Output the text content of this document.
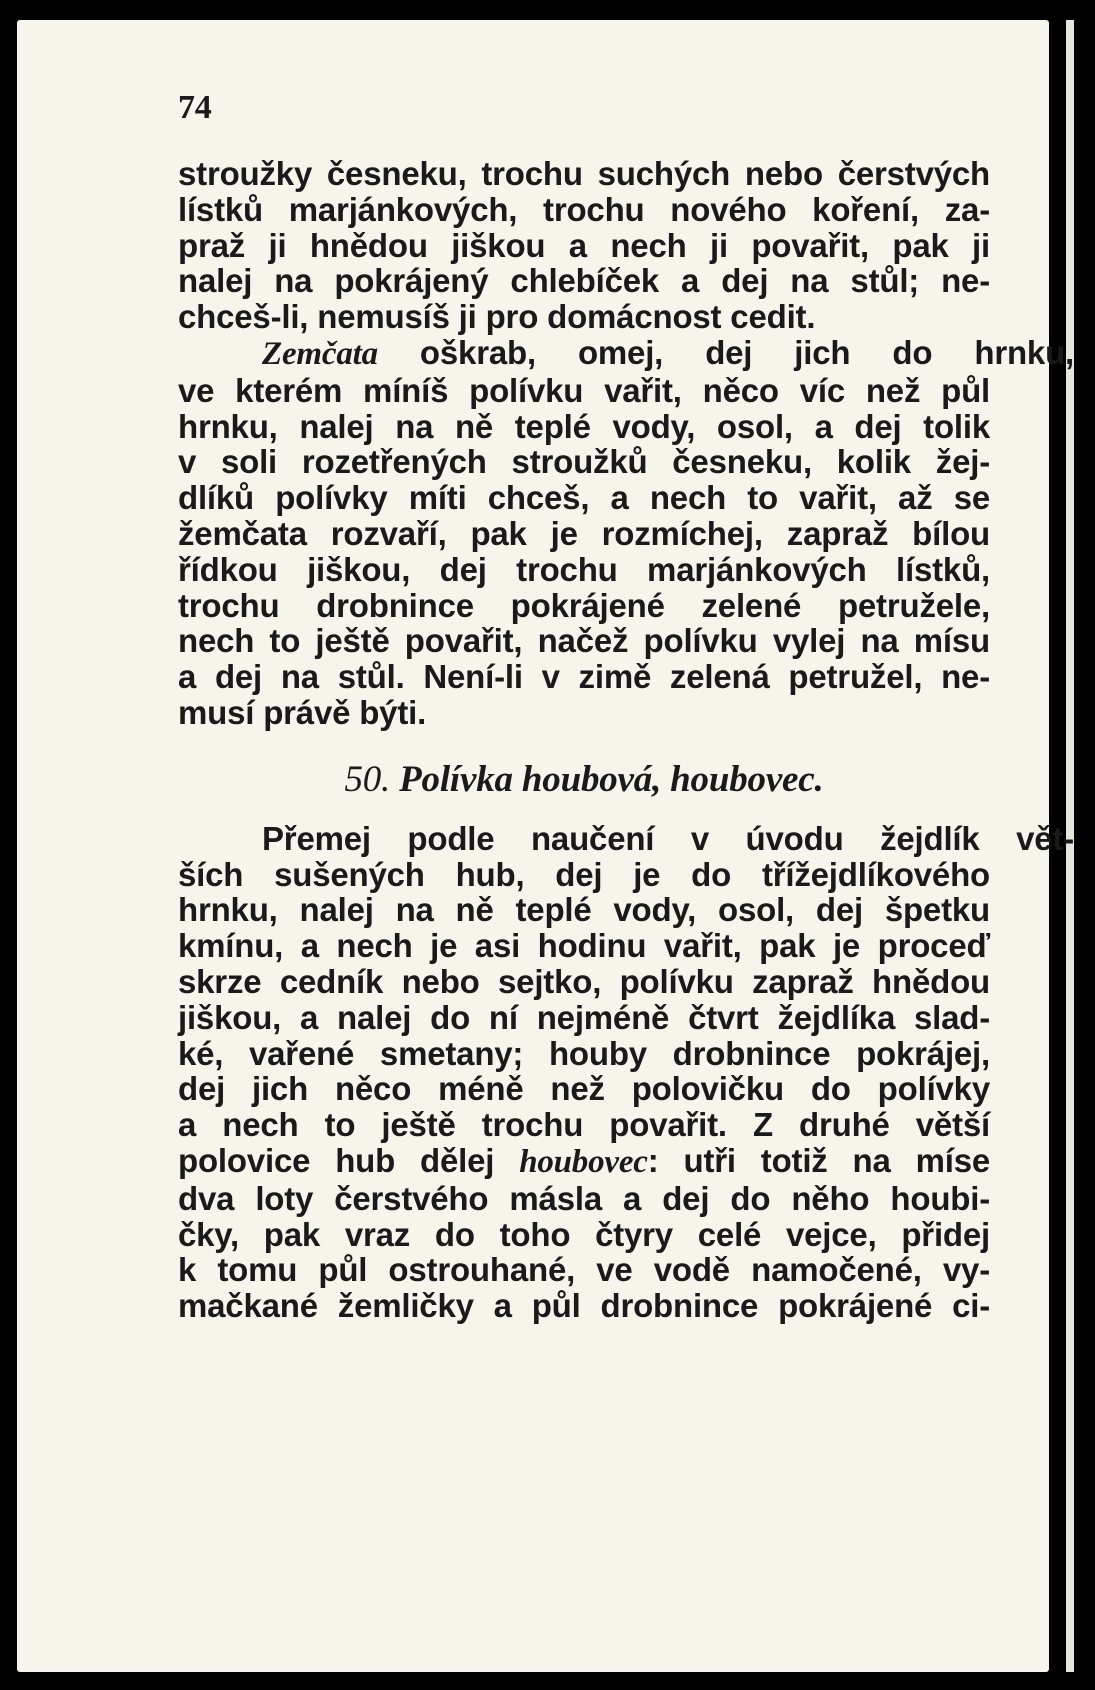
74
stroužky česneku, trochu suchých nebo čerstvých
lístků marjánkových, trochu nového koření, za-
praž ji hnědou jiškou a nech ji povařit, pak ji
nalej na pokrájený chlebíček a dej na stůl; ne-
chceš-li, nemusíš ji pro domácnost cedit.
Zemčata oškrab, omej, dej jich do hrnku,
ve kterém míníš polívku vařit, něco víc než půl
hrnku, nalej na ně teplé vody, osol, a dej tolik
v soli rozetřených stroužků česneku, kolik žej-
dlíků polívky míti chceš, a nech to vařit, až se
žemčata rozvaří, pak je rozmíchej, zapraž bílou
řídkou jiškou, dej trochu marjánkových lístků,
trochu drobnince pokrájené zelené petružele,
nech to ještě povařit, načež polívku vylej na mísu
a dej na stůl. Není-li v zimě zelená petružel, ne-
musí právě býti.
50. Polívka houbová, houbovec.
Přemej podle naučení v úvodu žejdlík vět-
ších sušených hub, dej je do třížejdlíkového
hrnku, nalej na ně teplé vody, osol, dej špetku
kmínu, a nech je asi hodinu vařit, pak je proceď
skrze cedník nebo sejtko, polívku zapraž hnědou
jiškou, a nalej do ní nejméně čtvrt žejdlíka slad-
ké, vařené smetany; houby drobnince pokrájej,
dej jich něco méně než polovičku do polívky
a nech to ještě trochu povařit. Z druhé větší
polovice hub dělej houbovec: utři totiž na míse
dva loty čerstvého másla a dej do něho houbi-
čky, pak vraz do toho čtyry celé vejce, přidej
k tomu půl ostrouhané, ve vodě namočené, vy-
mačkané žemličky a půl drobnince pokrájené ci-
